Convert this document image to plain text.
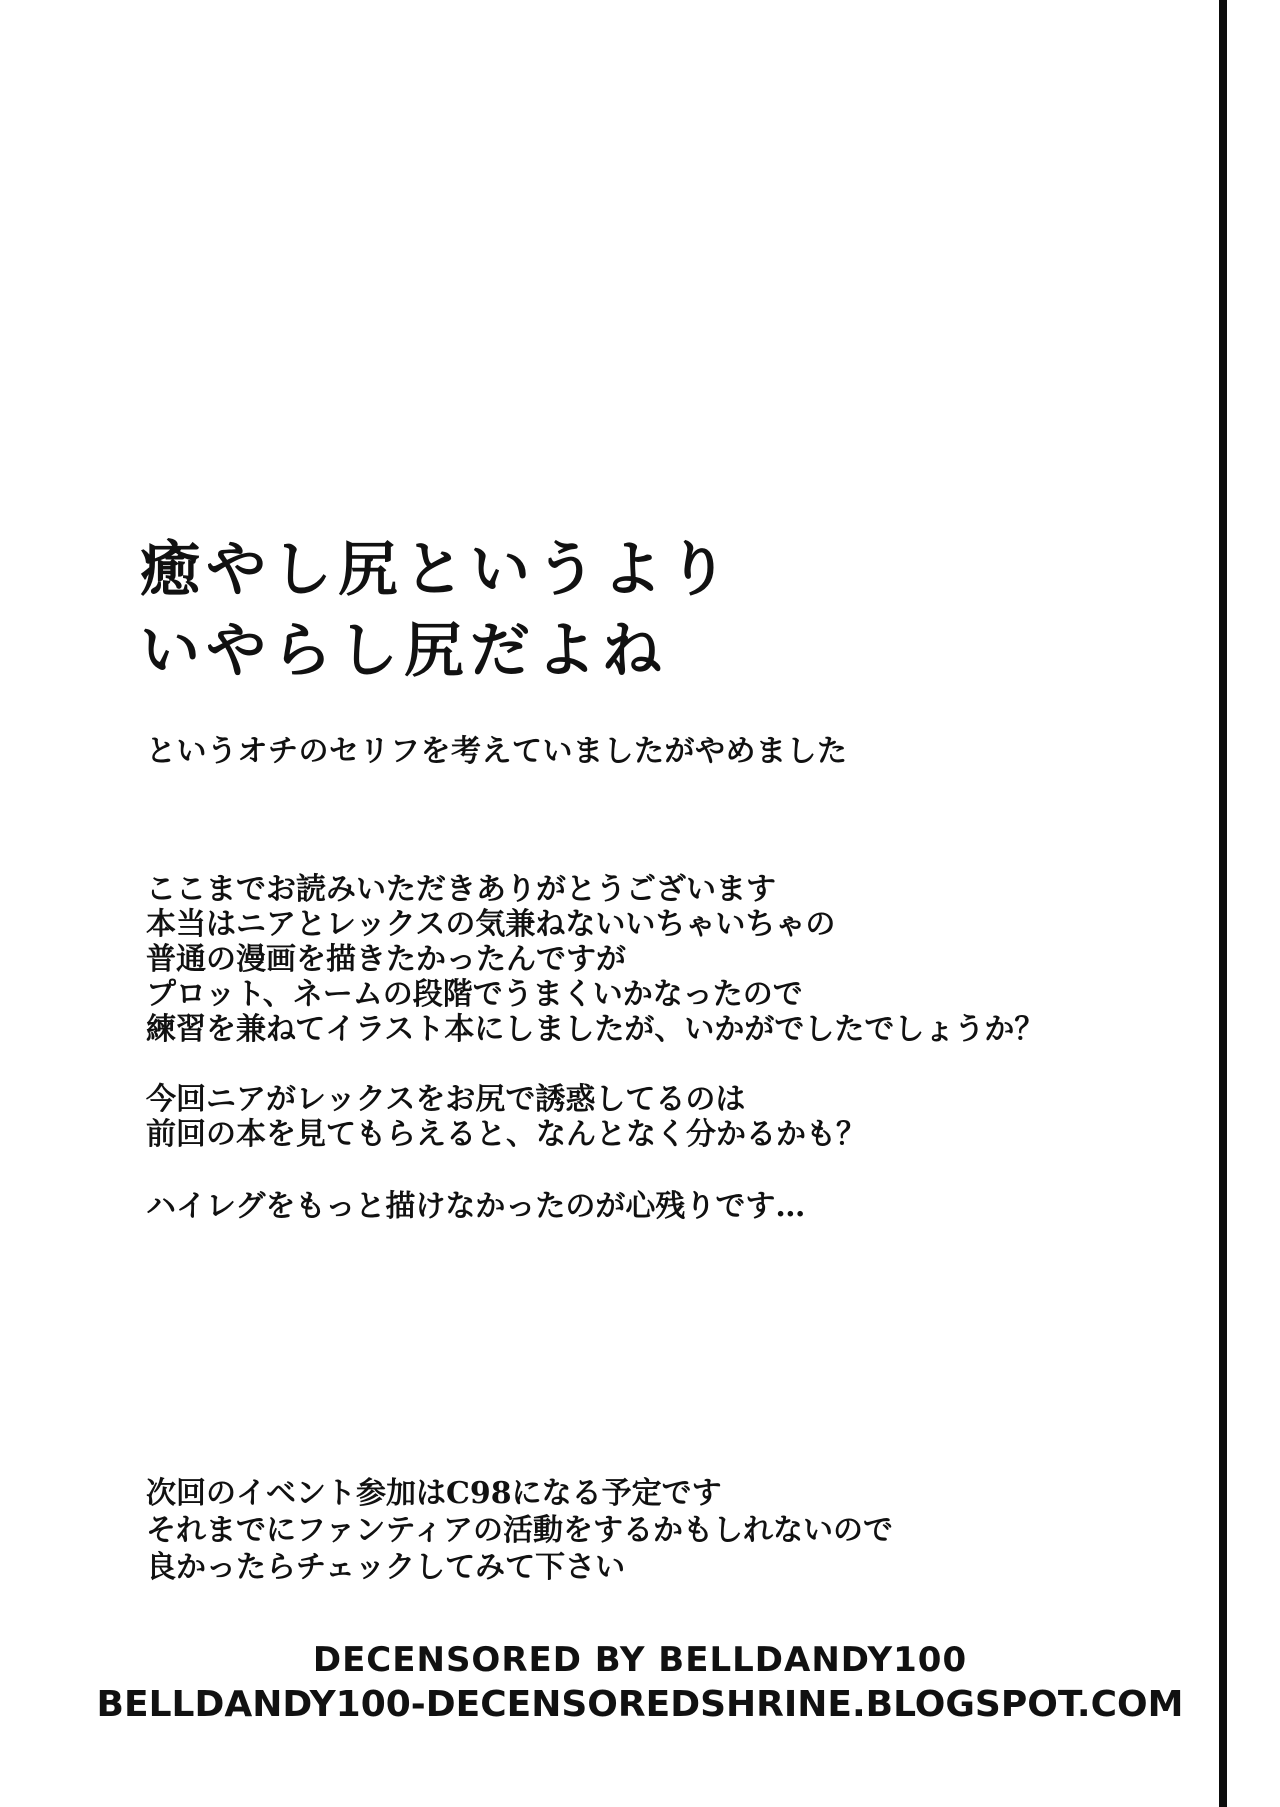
癒やし尻というより
いやらし尻だよね
というオチのセリフを考えていましたがやめました
ここまでお読みいただきありがとうございます
本当はニアとレックスの気兼ねないいちゃいちゃの
普通の漫画を描きたかったんですが
プロット、ネームの段階でうまくいかなったので
練習を兼ねてイラスト本にしましたが、いかがでしたでしょうか？
今回ニアがレックスをお尻で誘惑してるのは
前回の本を見てもらえると、なんとなく分かるかも？
ハイレグをもっと描けなかったのが心残りです…
次回のイベント参加はC98になる予定です
それまでにファンティアの活動をするかもしれないので
良かったらチェックしてみて下さい
DECENSORED BY BELLDANDY100
BELLDANDY100-DECENSOREDSHRINE.BLOGSPOT.COM
